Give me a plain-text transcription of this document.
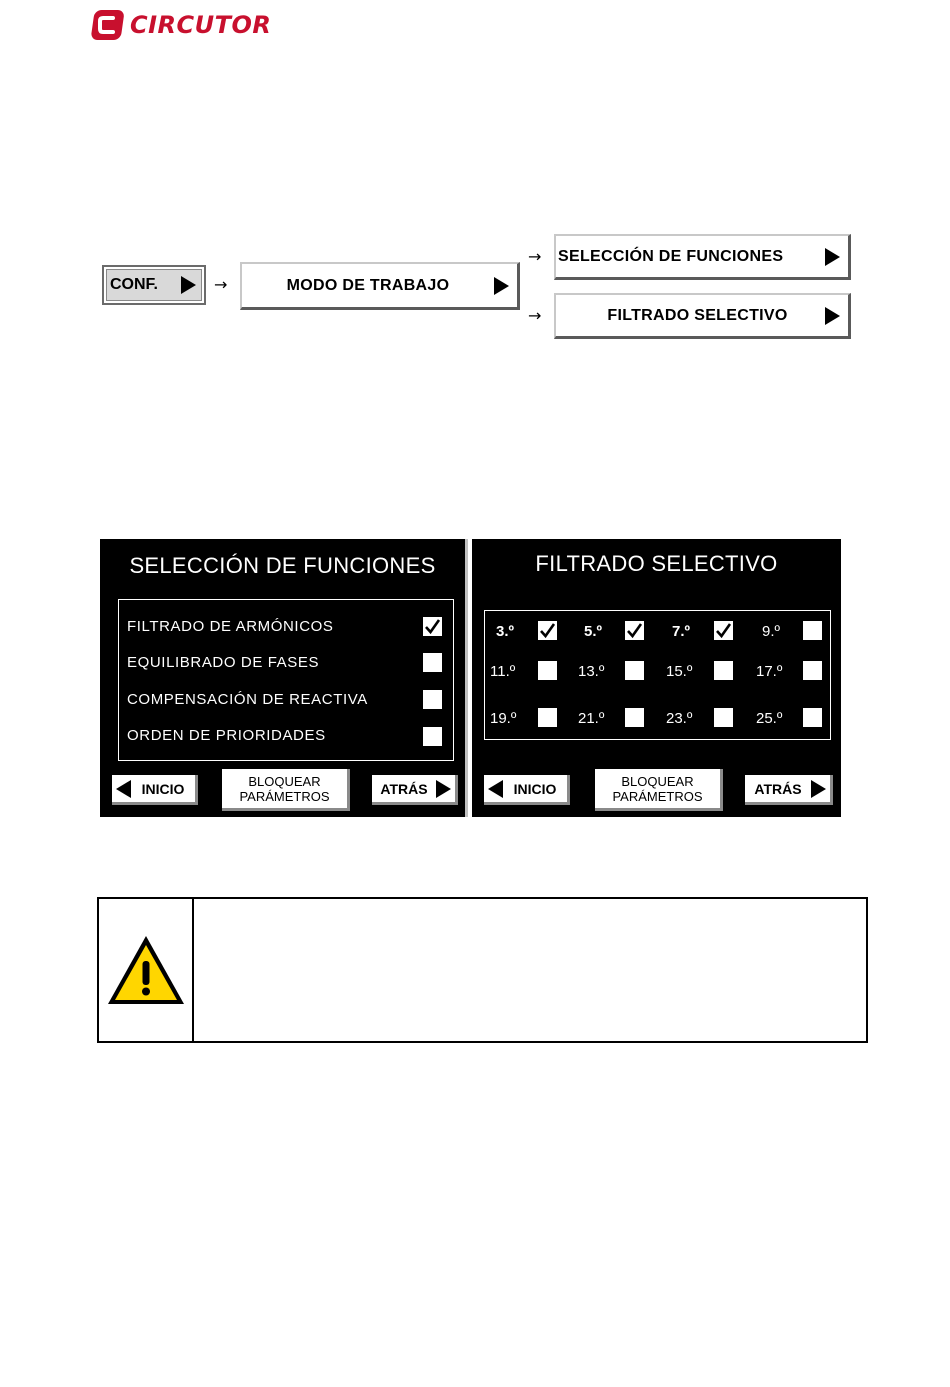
CIRCUTOR
CONF.	→	MODO DE TRABAJO
→ SELECCIÓN DE FUNCIONES
→	FILTRADO SELECTIVO
SELECCIÓN DE FUNCIONES
FILTRADO DE ARMÓNICOS
EQUILIBRADO DE FASES
COMPENSACIÓN DE REACTIVA
ORDEN DE PRIORIDADES
INICIO	BLOQUEAR
PARÁMETROS	ATRÁS
FILTRADO SELECTIVO
3.º	5.º	7.º	9.º
11.º	13.º	15.º	17.º
19.º	21.º	23.º	25.º
INICIO	BLOQUEAR
PARÁMETROS	ATRÁS
